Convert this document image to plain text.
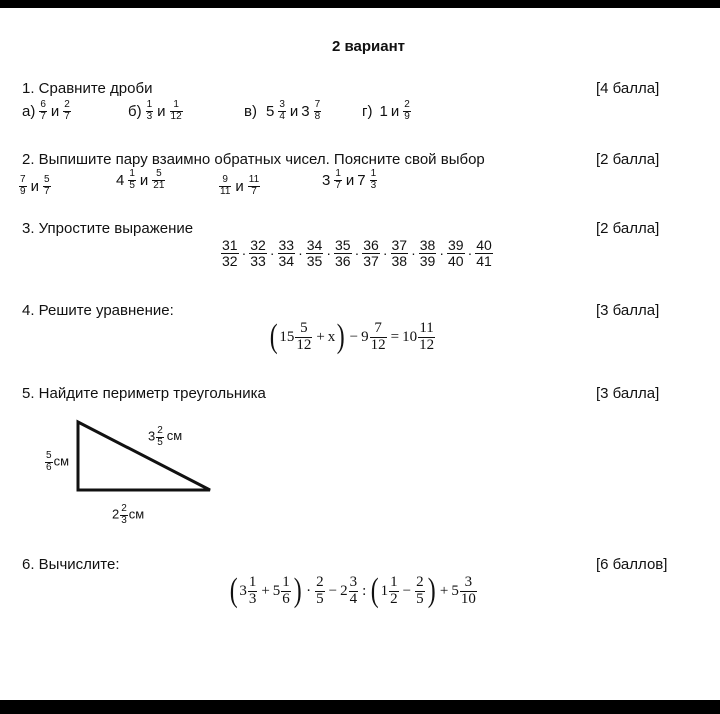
2 вариант
1. Сравните дроби	[4 балла]
а) 6
7 и 2
7	б) 1
3 и 1
12	в) 5 3
4 и 3 7
8	г) 1 и 2
9
2. Выпишите пару взаимно обратных чисел. Поясните свой выбор	[2 балла]
7
9 и 5
7
4 1
5 и 5
21	9
11 и 11
7
3 1
7 и 7 1
3
3. Упростите выражение	[2 балла]
$\frac{31}{32} \cdot \frac{32}{33} \cdot \frac{33}{34} \cdot \frac{34}{35} \cdot \frac{35}{36} \cdot \frac{36}{37} \cdot \frac{37}{38} \cdot \frac{38}{39} \cdot \frac{39}{40} \cdot \frac{40}{41}$
4. Решите уравнение:	[3 балла]
( $15 \frac{5}{12} + x) - 9 \frac{7}{12} = 10 \frac{11}{12}$
5. Найдите периметр треугольника	[3 балла]
$3 \frac{2}{5}$ см
$\frac{5}{6}$ см
$2 \frac{2}{3}$ см
6. Вычислите:	[6 баллов]
( $3 \frac{1}{3} + 5 \frac{1}{6}$ ) · $\frac{2}{5} - 2 \frac{3}{4}$ : ( $1 \frac{1}{2} - \frac{2}{5}$ ) + $5 \frac{3}{10}$
